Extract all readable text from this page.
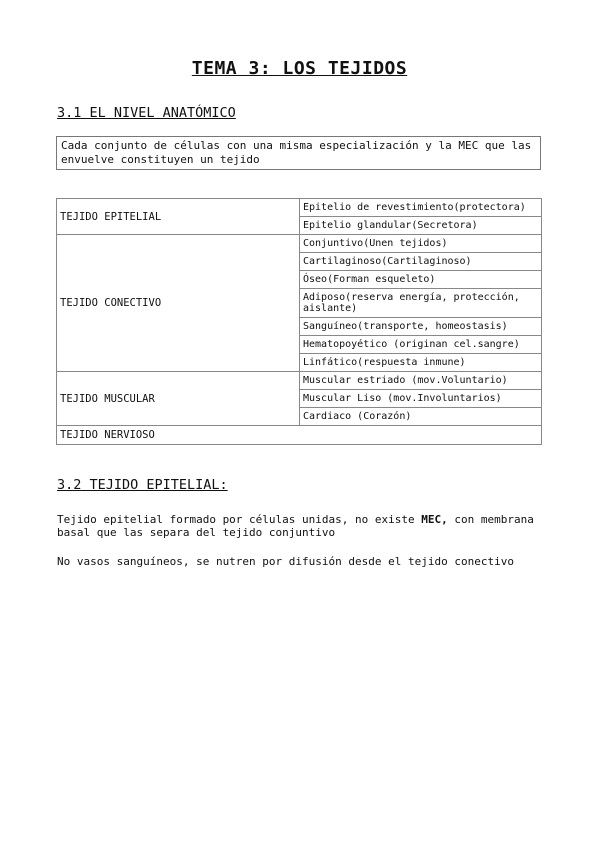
TEMA 3: LOS TEJIDOS
3.1 EL NIVEL ANATÓMICO
Cada conjunto de células con una misma especialización y la MEC que las envuelve constituyen un tejido
TEJIDO EPITELIAL	Epitelio de revestimiento(protectora)
	Epitelio glandular(Secretora)
TEJIDO CONECTIVO	Conjuntivo(Unen tejidos)
	Cartilaginoso(Cartilaginoso)
	Óseo(Forman esqueleto)
	Adiposo(reserva energía, protección, aislante)
	Sanguíneo(transporte, homeostasis)
	Hematopoyético (originan cel.sangre)
	Linfático(respuesta inmune)
TEJIDO MUSCULAR	Muscular estriado (mov.Voluntario)
	Muscular Liso (mov.Involuntarios)
	Cardiaco (Corazón)
TEJIDO NERVIOSO	
3.2 TEJIDO EPITELIAL:
Tejido epitelial formado por células unidas, no existe MEC, con membrana basal que las separa del tejido conjuntivo
No vasos sanguíneos, se nutren por difusión desde el tejido conectivo
